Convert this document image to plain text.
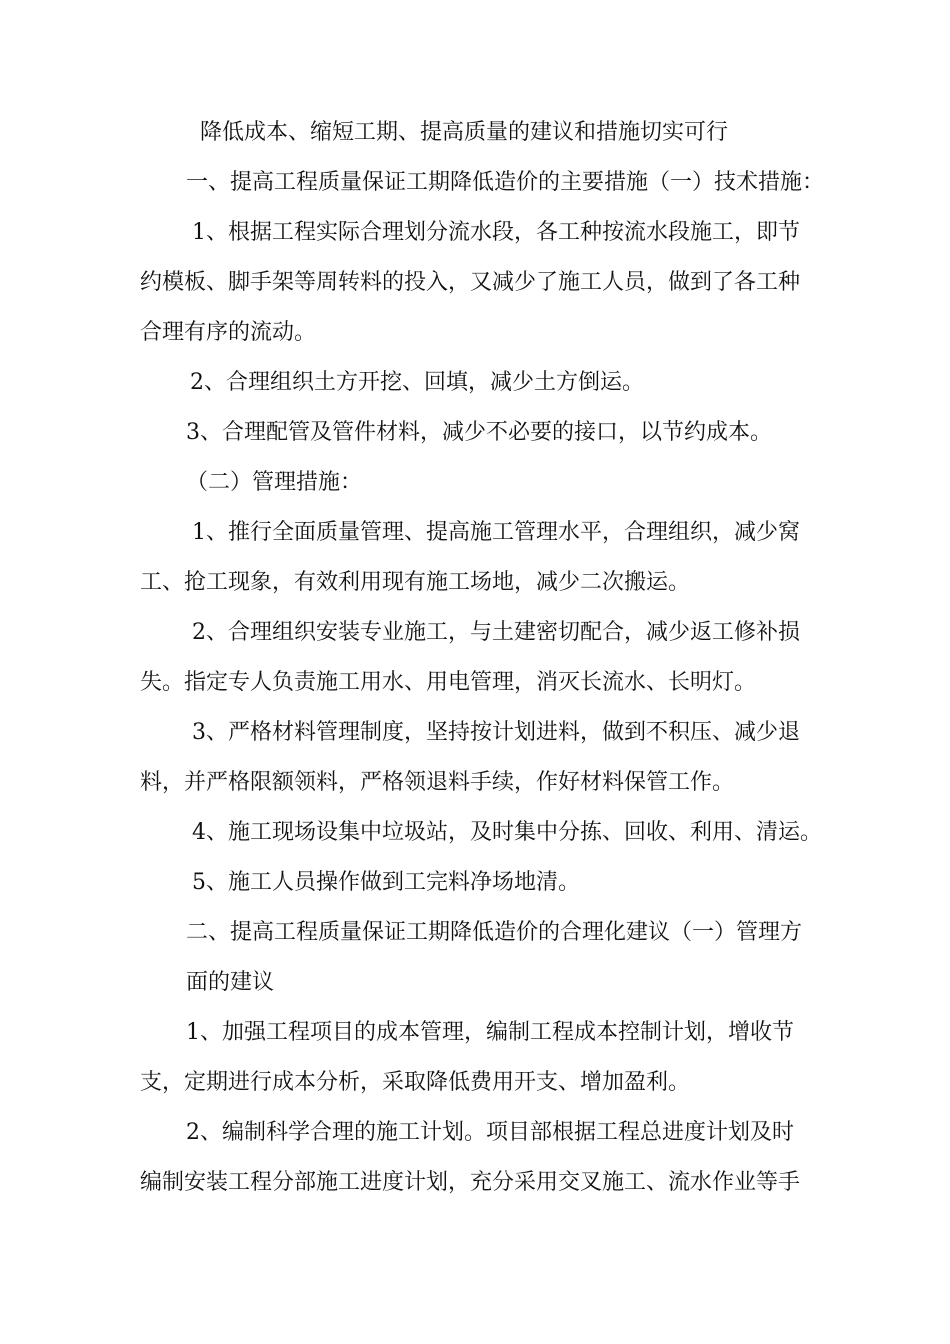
降低成本、缩短工期、提高质量的建议和措施切实可行
一、提高工程质量保证工期降低造价的主要措施（一）技术措施：
1、根据工程实际合理划分流水段，各工种按流水段施工，即节
约模板、脚手架等周转料的投入，又减少了施工人员，做到了各工种
合理有序的流动。
2、合理组织土方开挖、回填，减少土方倒运。
3、合理配管及管件材料，减少不必要的接口，以节约成本。
（二）管理措施：
1、推行全面质量管理、提高施工管理水平，合理组织，减少窝
工、抢工现象，有效利用现有施工场地，减少二次搬运。
2、合理组织安装专业施工，与土建密切配合，减少返工修补损
失。指定专人负责施工用水、用电管理，消灭长流水、长明灯。
3、严格材料管理制度，坚持按计划进料，做到不积压、减少退
料，并严格限额领料，严格领退料手续，作好材料保管工作。
4、施工现场设集中垃圾站，及时集中分拣、回收、利用、清运。
5、施工人员操作做到工完料净场地清。
二、提高工程质量保证工期降低造价的合理化建议（一）管理方
面的建议
1、加强工程项目的成本管理，编制工程成本控制计划，增收节
支，定期进行成本分析，采取降低费用开支、增加盈利。
2、编制科学合理的施工计划。项目部根据工程总进度计划及时
编制安装工程分部施工进度计划，充分采用交叉施工、流水作业等手
